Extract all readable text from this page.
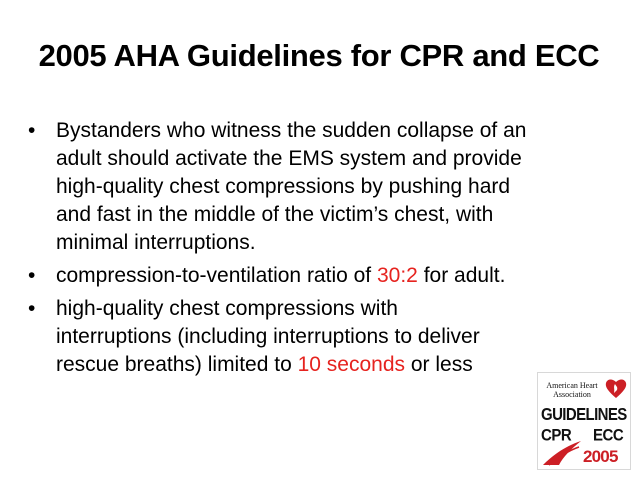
2005 AHA Guidelines for CPR and ECC
• Bystanders who witness the sudden collapse of an
adult should activate the EMS system and provide
high-quality chest compressions by pushing hard
and fast in the middle of the victim’s chest, with
minimal interruptions.
• compression-to-ventilation ratio of 30:2 for adult.
• high-quality chest compressions with
interruptions (including interruptions to deliver
rescue breaths) limited to 10 seconds or less
American Heart
Association
GUIDELINES
CPR ECC
2005
